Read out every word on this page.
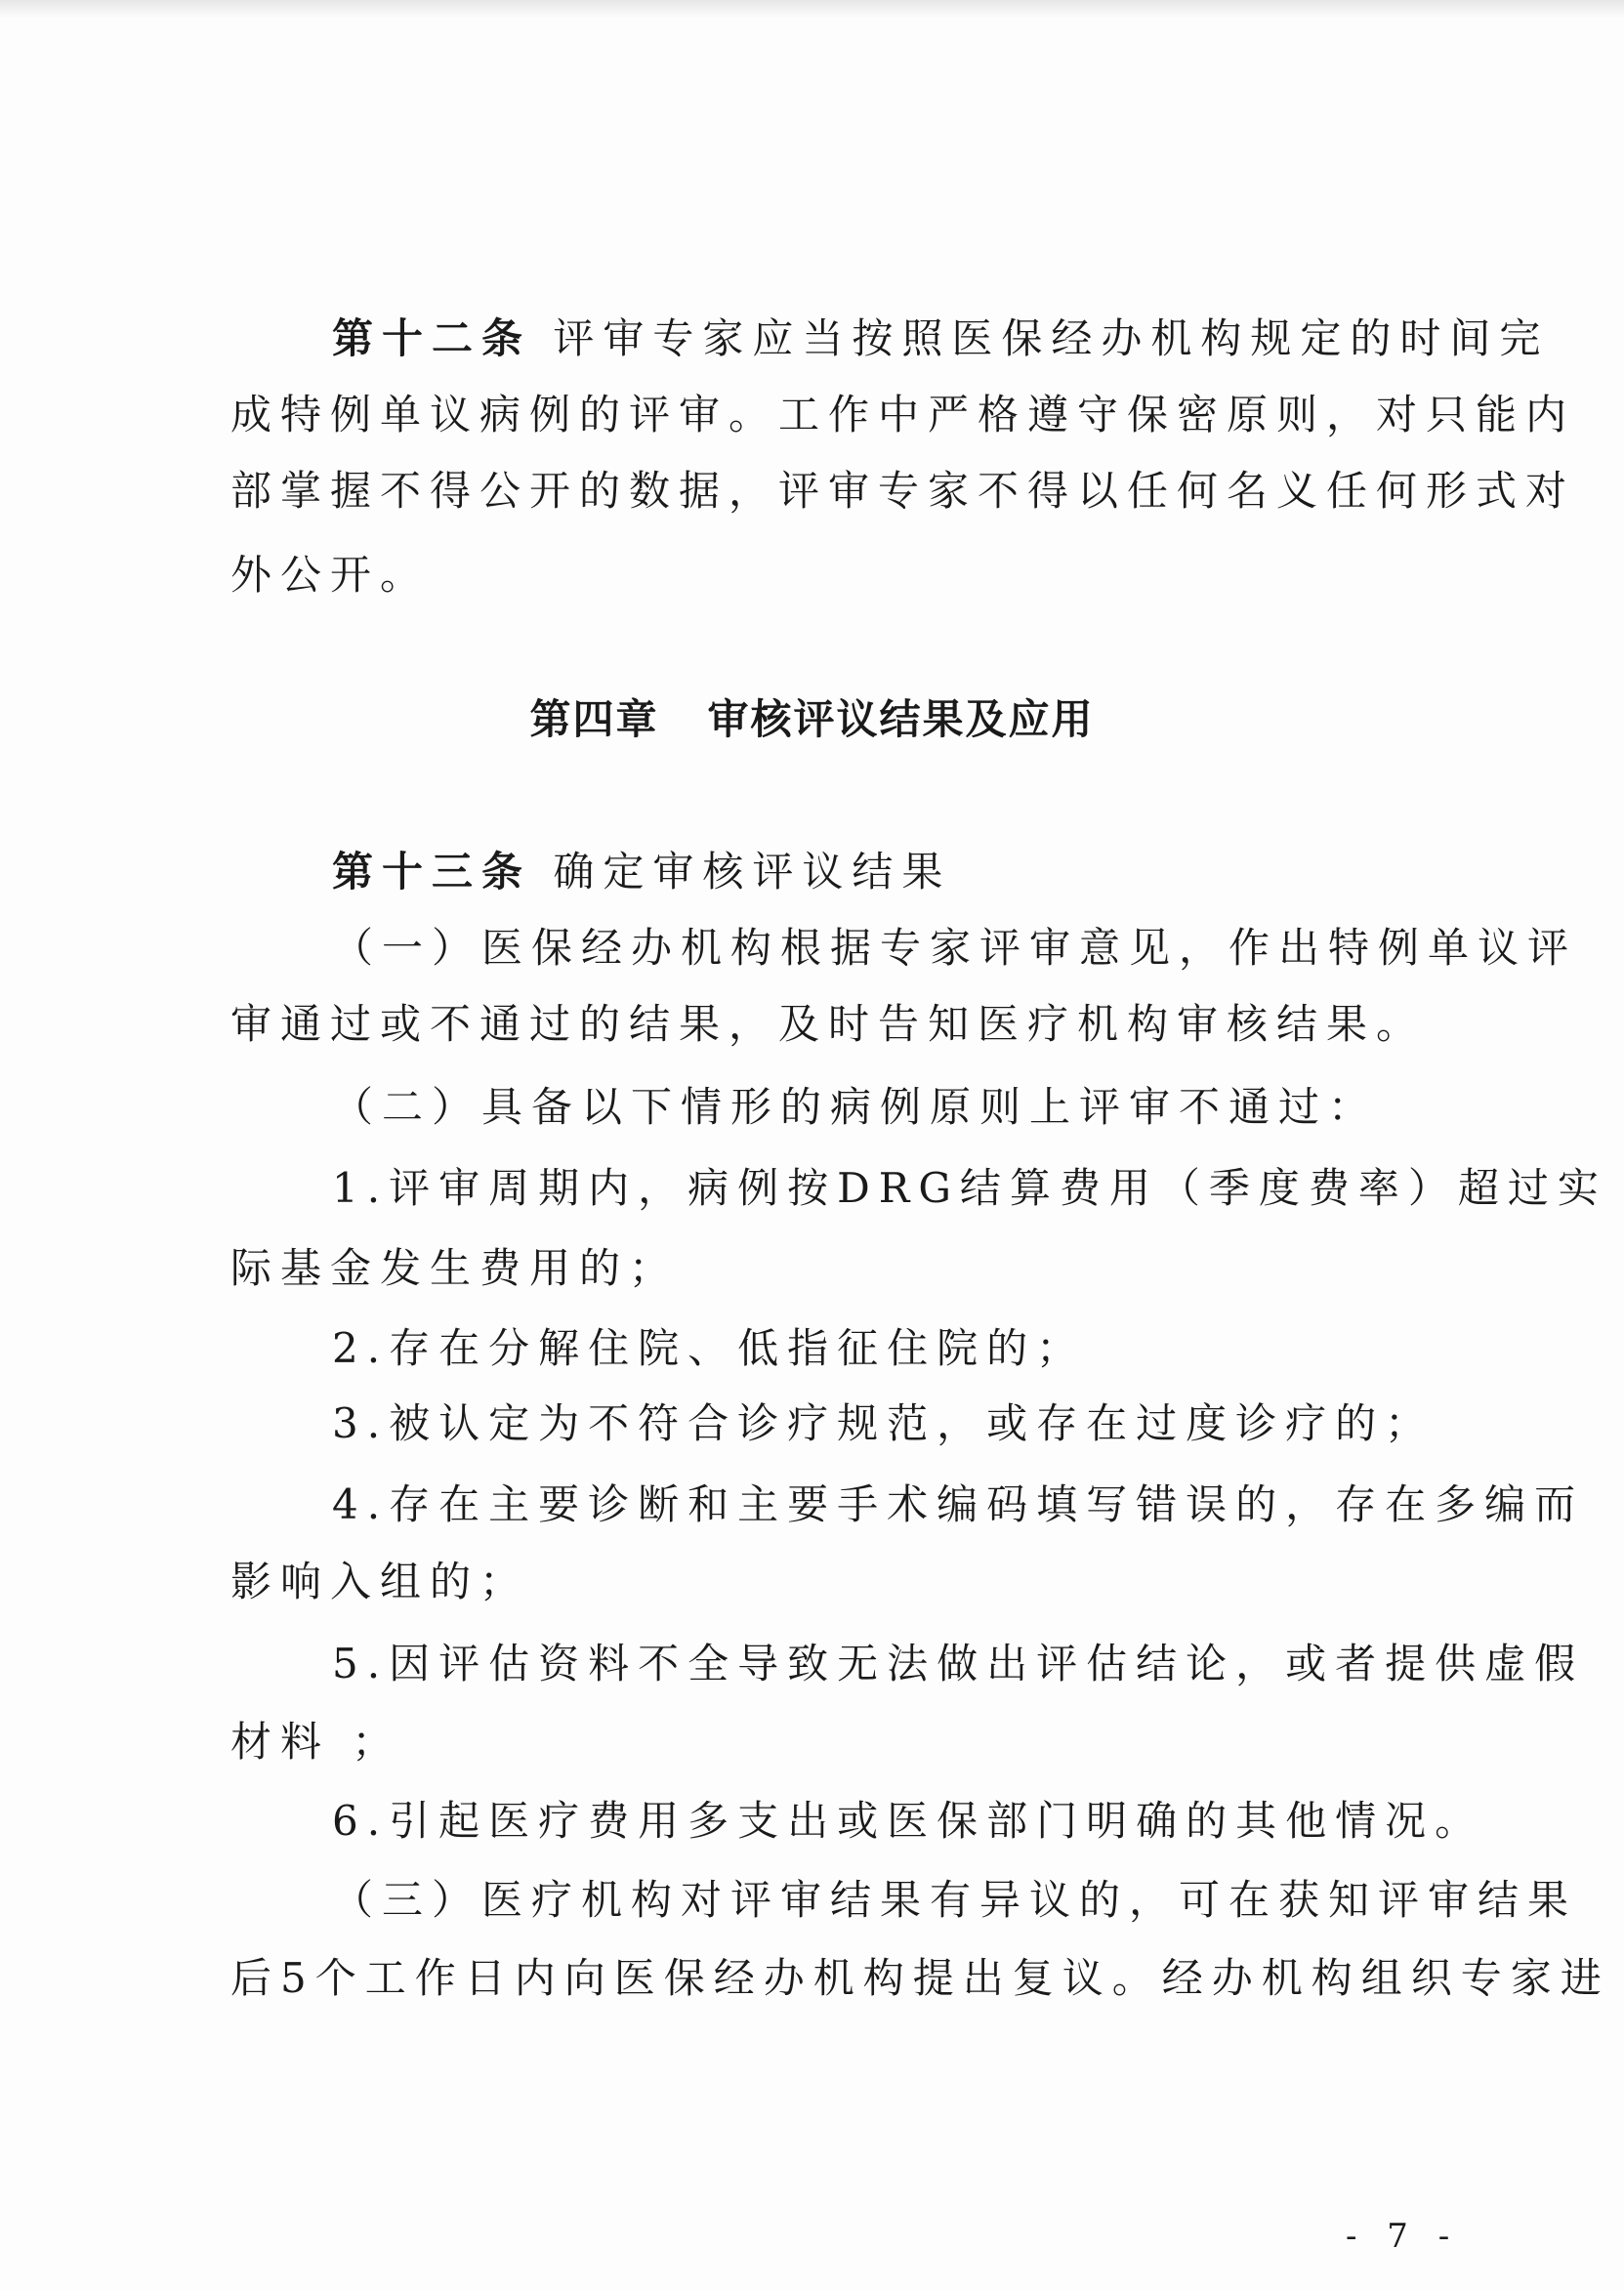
第十二条 评审专家应当按照医保经办机构规定的时间完
成特例单议病例的评审。工作中严格遵守保密原则，对只能内
部掌握不得公开的数据，评审专家不得以任何名义任何形式对
外公开。
第四章 审核评议结果及应用
第十三条 确定审核评议结果
（一）医保经办机构根据专家评审意见，作出特例单议评
审通过或不通过的结果，及时告知医疗机构审核结果。
（二）具备以下情形的病例原则上评审不通过：
1.评审周期内，病例按DRG结算费用（季度费率）超过实
际基金发生费用的；
2.存在分解住院、低指征住院的；
3.被认定为不符合诊疗规范，或存在过度诊疗的；
4.存在主要诊断和主要手术编码填写错误的，存在多编而
影响入组的；
5.因评估资料不全导致无法做出评估结论，或者提供虚假
材料 ；
6.引起医疗费用多支出或医保部门明确的其他情况。
（三）医疗机构对评审结果有异议的，可在获知评审结果
后5个工作日内向医保经办机构提出复议。经办机构组织专家进
- 7 -
